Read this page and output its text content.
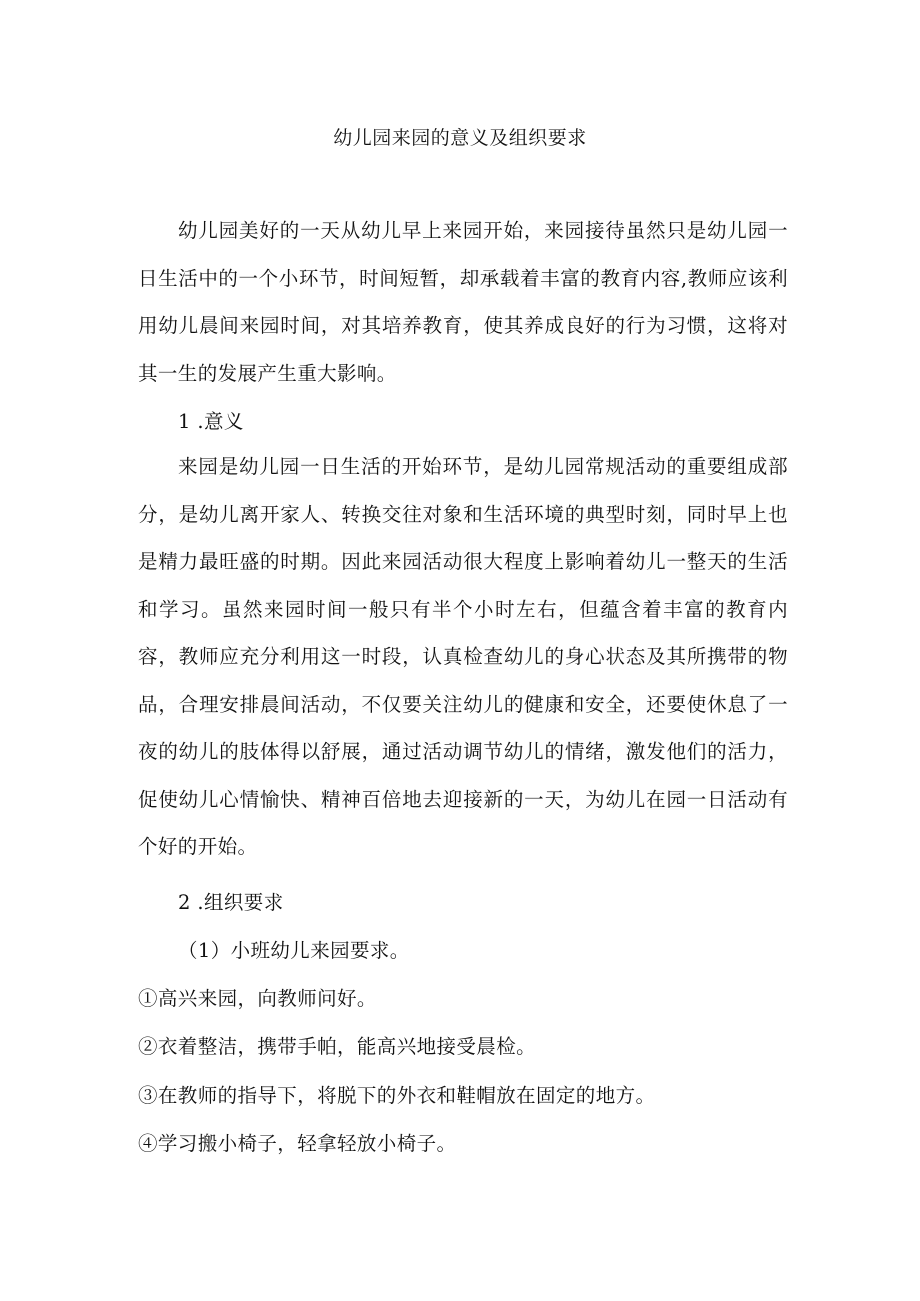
幼儿园来园的意义及组织要求
幼儿园美好的一天从幼儿早上来园开始，来园接待虽然只是幼儿园一日生活中的一个小环节，时间短暂，却承载着丰富的教育内容,教师应该利用幼儿晨间来园时间，对其培养教育，使其养成良好的行为习惯，这将对其一生的发展产生重大影响。
1 .意义
来园是幼儿园一日生活的开始环节，是幼儿园常规活动的重要组成部分，是幼儿离开家人、转换交往对象和生活环境的典型时刻，同时早上也是精力最旺盛的时期。因此来园活动很大程度上影响着幼儿一整天的生活和学习。虽然来园时间一般只有半个小时左右，但蕴含着丰富的教育内容，教师应充分利用这一时段，认真检查幼儿的身心状态及其所携带的物品，合理安排晨间活动，不仅要关注幼儿的健康和安全，还要使休息了一夜的幼儿的肢体得以舒展，通过活动调节幼儿的情绪，激发他们的活力，促使幼儿心情愉快、精神百倍地去迎接新的一天，为幼儿在园一日活动有个好的开始。
2 .组织要求
（1）小班幼儿来园要求。
①高兴来园，向教师问好。
②衣着整洁，携带手帕，能高兴地接受晨检。
③在教师的指导下，将脱下的外衣和鞋帽放在固定的地方。
④学习搬小椅子，轻拿轻放小椅子。
